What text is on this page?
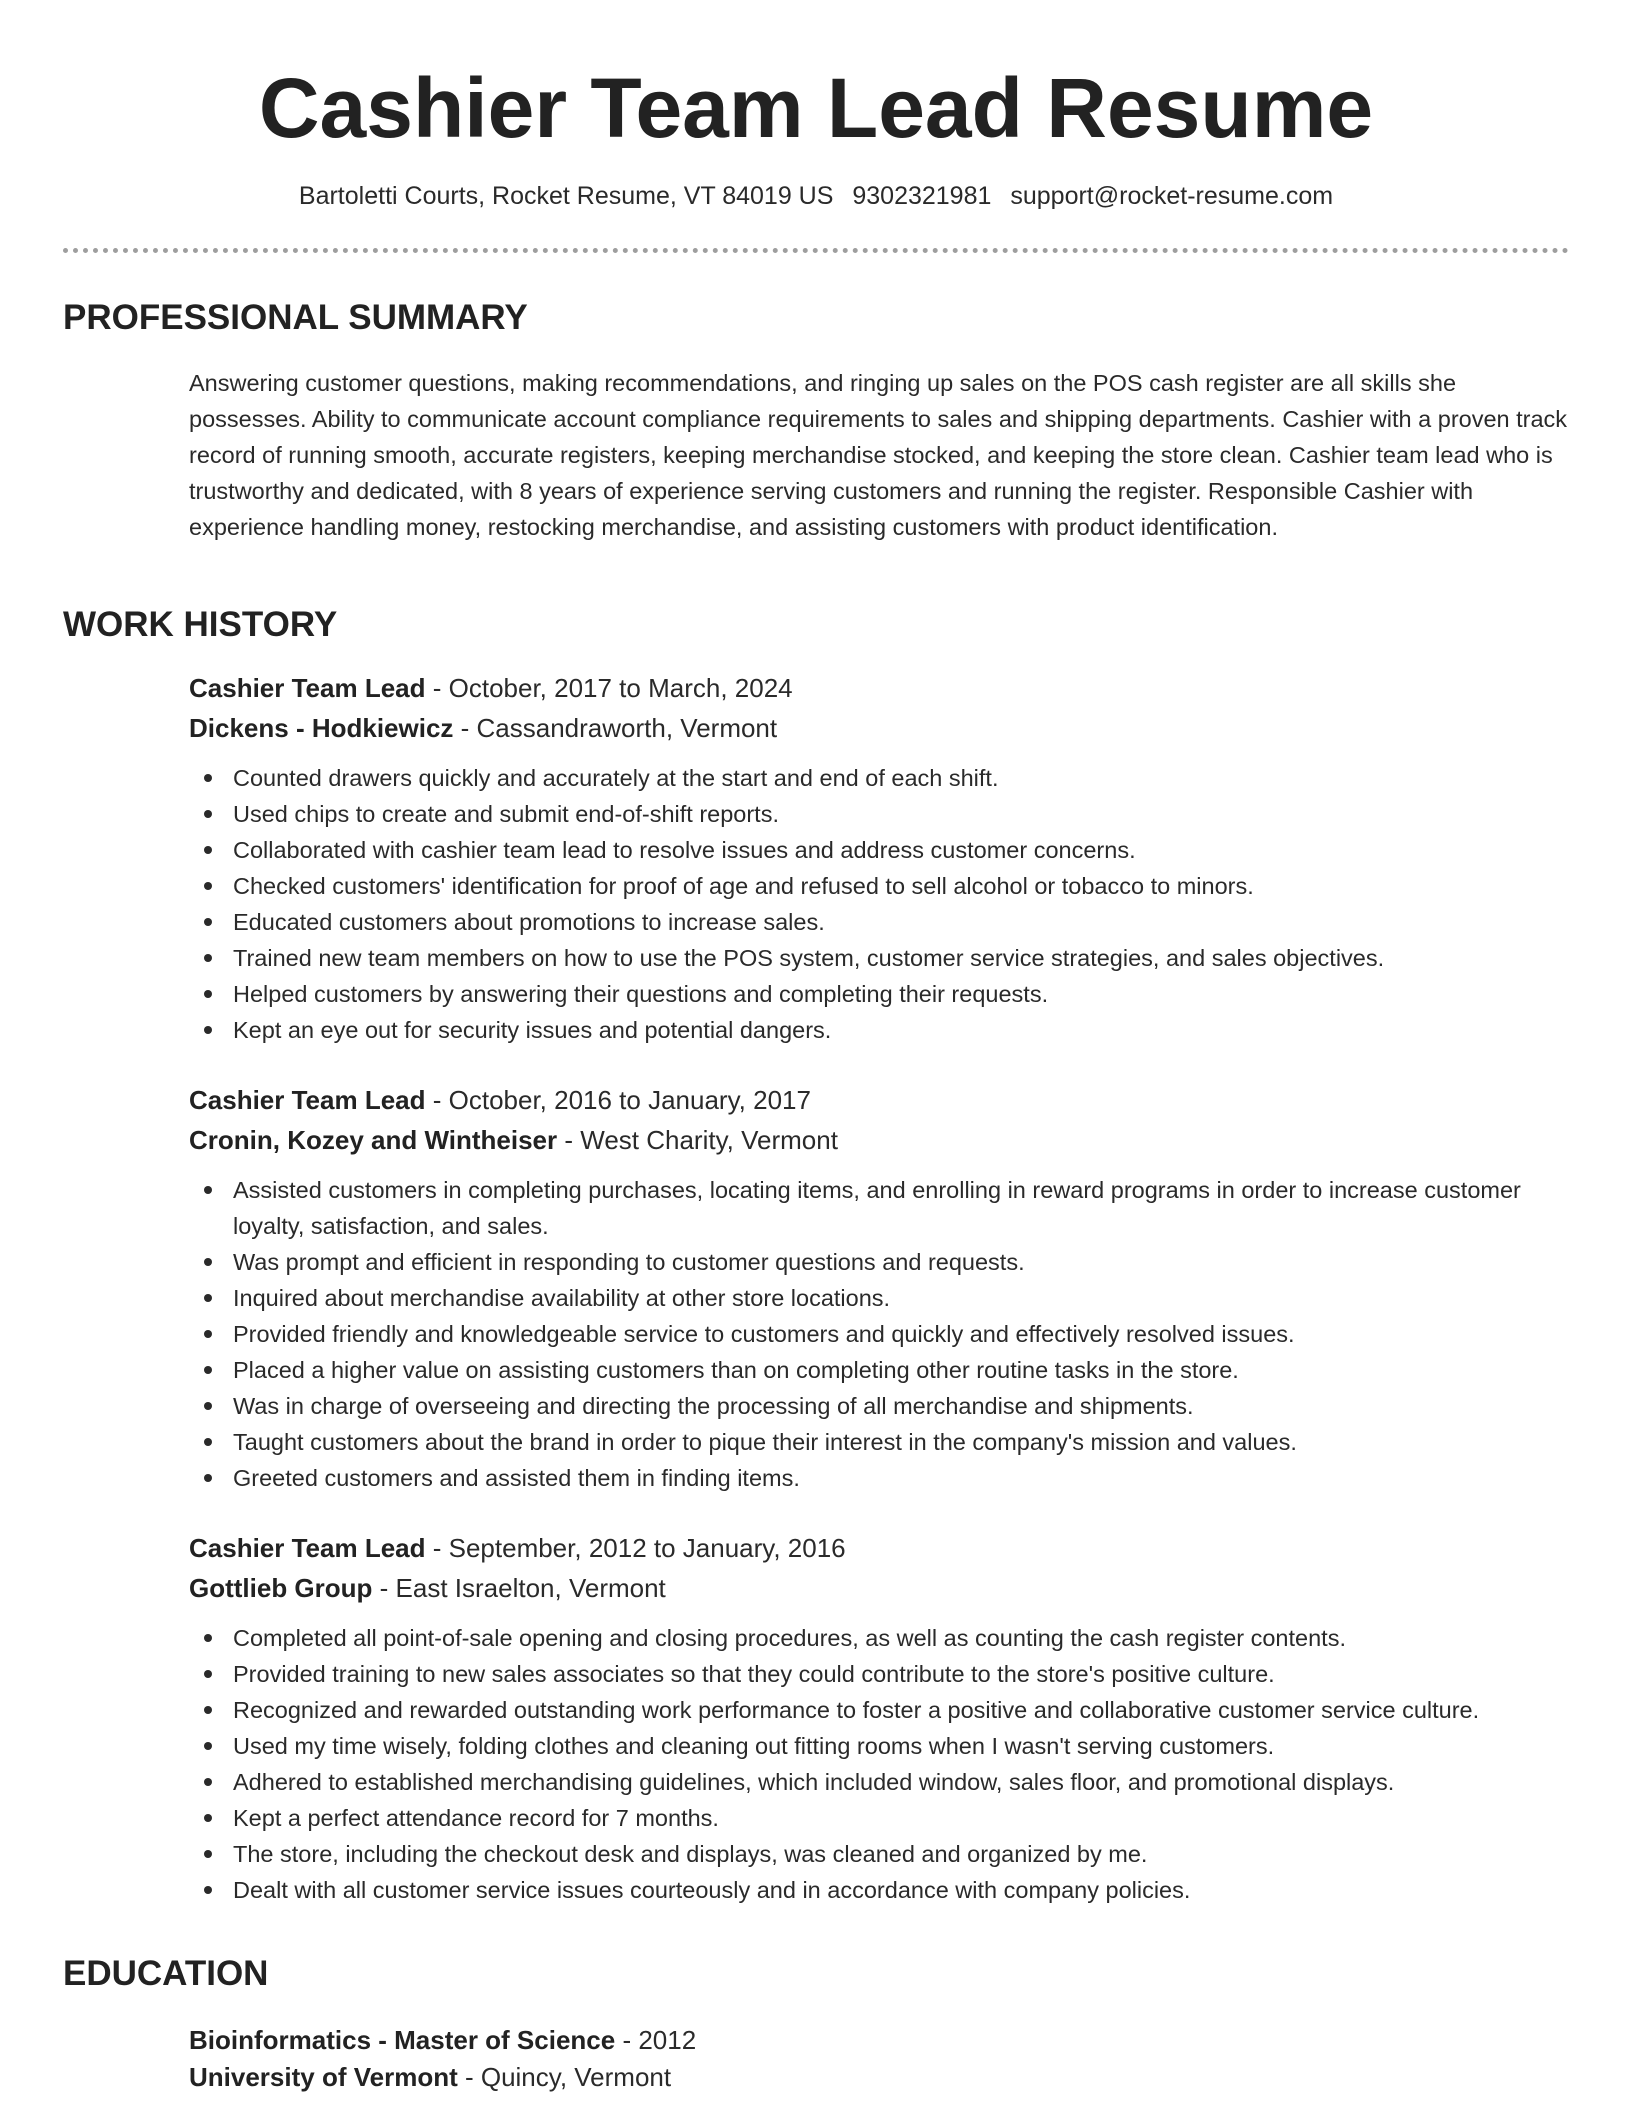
Cashier Team Lead Resume
Bartoletti Courts, Rocket Resume, VT 84019 US 9302321981 support@rocket-resume.com
PROFESSIONAL SUMMARY

Answering customer questions, making recommendations, and ringing up sales on the POS cash register are all skills she possesses. Ability to communicate account compliance requirements to sales and shipping departments. Cashier with a proven track record of running smooth, accurate registers, keeping merchandise stocked, and keeping the store clean. Cashier team lead who is trustworthy and dedicated, with 8 years of experience serving customers and running the register. Responsible Cashier with experience handling money, restocking merchandise, and assisting customers with product identification.

WORK HISTORY
Cashier Team Lead - October, 2017 to March, 2024
Dickens - Hodkiewicz - Cassandraworth, Vermont
Counted drawers quickly and accurately at the start and end of each shift.
Used chips to create and submit end-of-shift reports.
Collaborated with cashier team lead to resolve issues and address customer concerns.
Checked customers' identification for proof of age and refused to sell alcohol or tobacco to minors.
Educated customers about promotions to increase sales.
Trained new team members on how to use the POS system, customer service strategies, and sales objectives.
Helped customers by answering their questions and completing their requests.
Kept an eye out for security issues and potential dangers.
Cashier Team Lead - October, 2016 to January, 2017
Cronin, Kozey and Wintheiser - West Charity, Vermont
Assisted customers in completing purchases, locating items, and enrolling in reward programs in order to increase customer loyalty, satisfaction, and sales.
Was prompt and efficient in responding to customer questions and requests.
Inquired about merchandise availability at other store locations.
Provided friendly and knowledgeable service to customers and quickly and effectively resolved issues.
Placed a higher value on assisting customers than on completing other routine tasks in the store.
Was in charge of overseeing and directing the processing of all merchandise and shipments.
Taught customers about the brand in order to pique their interest in the company's mission and values.
Greeted customers and assisted them in finding items.
Cashier Team Lead - September, 2012 to January, 2016
Gottlieb Group - East Israelton, Vermont
Completed all point-of-sale opening and closing procedures, as well as counting the cash register contents.
Provided training to new sales associates so that they could contribute to the store's positive culture.
Recognized and rewarded outstanding work performance to foster a positive and collaborative customer service culture.
Used my time wisely, folding clothes and cleaning out fitting rooms when I wasn't serving customers.
Adhered to established merchandising guidelines, which included window, sales floor, and promotional displays.
Kept a perfect attendance record for 7 months.
The store, including the checkout desk and displays, was cleaned and organized by me.
Dealt with all customer service issues courteously and in accordance with company policies.
EDUCATION
Bioinformatics - Master of Science - 2012
University of Vermont - Quincy, Vermont
